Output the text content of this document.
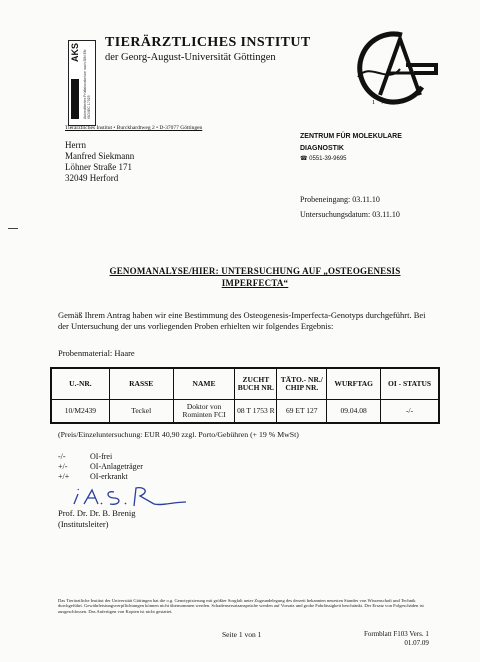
Akkreditiertes Prüflaboratorium nach DIN EN ISO/IEC 17025
AKS
TIERÄRZTLICHES INSTITUT
der Georg-August-Universität Göttingen
1 7 3 7
Tierärztliches Institut • Burckhardtweg 2 • D-37077 Göttingen
Herrn
Manfred Siekmann
Löhner Straße 171
32049 Herford
ZENTRUM FÜR MOLEKULARE
DIAGNOSTIK
☎ 0551-39-9695
Probeneingang: 03.11.10
Untersuchungsdatum: 03.11.10
GENOMANALYSE/HIER: UNTERSUCHUNG AUF „OSTEOGENESIS
IMPERFECTA“
Gemäß Ihrem Antrag haben wir eine Bestimmung des Osteogenesis-Imperfecta-Genotyps durchgeführt. Bei der Untersuchung der uns vorliegenden Proben erhielten wir folgendes Ergebnis:
Probenmaterial: Haare
U.-NR.	RASSE	NAME	ZUCHT BUCH NR.	TÄTO.- NR./ CHIP NR.	WURFTAG	OI - STATUS
10/M2439	Teckel	Doktor von Rominten FCI	08 T 1753 R	69 ET 127	09.04.08	-/-
(Preis/Einzeluntersuchung: EUR 40,90 zzgl. Porto/Gebühren (+ 19 % MwSt)
-/-	OI-frei
+/-	OI-Anlageträger
+/+	OI-erkrankt
Prof. Dr. Dr. B. Brenig
(Institutsleiter)
Das Tierärztliche Institut der Universität Göttingen hat die o.g. Genotypisierung mit größter Sorgfalt unter Zugrundelegung des derzeit bekannten neuesten Standes von Wissenschaft und Technik durchgeführt. Gewährleistungsverpflichtungen können nicht übernommen werden. Schadensersatzansprüche werden auf Vorsatz und grobe Fahrlässigkeit beschränkt. Der Ersatz von Folgeschäden ist ausgeschlossen. Das Anfertigen von Kopien ist nicht gestattet.
Seite 1 von 1	Formblatt F103 Vers. 1
01.07.09
